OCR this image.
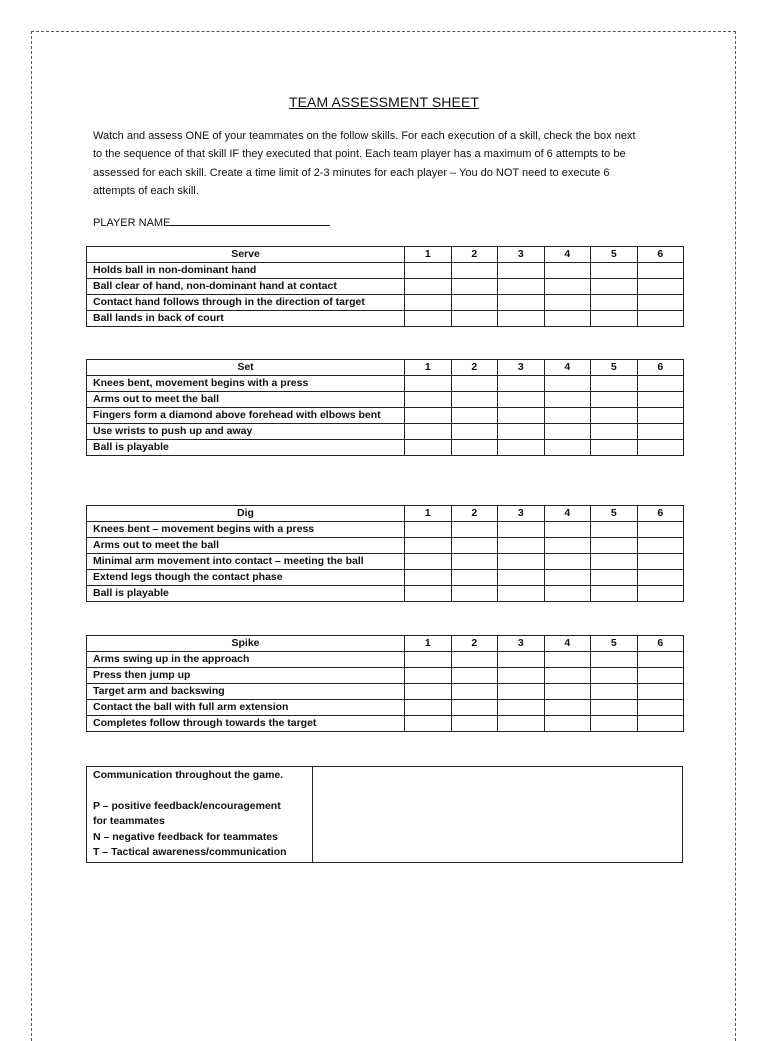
TEAM ASSESSMENT SHEET
Watch and assess ONE of your teammates on the follow skills. For each execution of a skill, check the box next
to the sequence of that skill IF they executed that point. Each team player has a maximum of 6 attempts to be
assessed for each skill. Create a time limit of 2-3 minutes for each player – You do NOT need to execute 6
attempts of each skill.
PLAYER NAME
Serve	1	2	3	4	5	6
Holds ball in non-dominant hand						
Ball clear of hand, non-dominant hand at contact						
Contact hand follows through in the direction of target						
Ball lands in back of court						
Set	1	2	3	4	5	6
Knees bent, movement begins with a press						
Arms out to meet the ball						
Fingers form a diamond above forehead with elbows bent						
Use wrists to push up and away						
Ball is playable						
Dig	1	2	3	4	5	6
Knees bent – movement begins with a press						
Arms out to meet the ball						
Minimal arm movement into contact – meeting the ball						
Extend legs though the contact phase						
Ball is playable						
Spike	1	2	3	4	5	6
Arms swing up in the approach						
Press then jump up						
Target arm and backswing						
Contact the ball with full arm extension						
Completes follow through towards the target						
Communication throughout the game.
P – positive feedback/encouragement
for teammates
N – negative feedback for teammates
T – Tactical awareness/communication
